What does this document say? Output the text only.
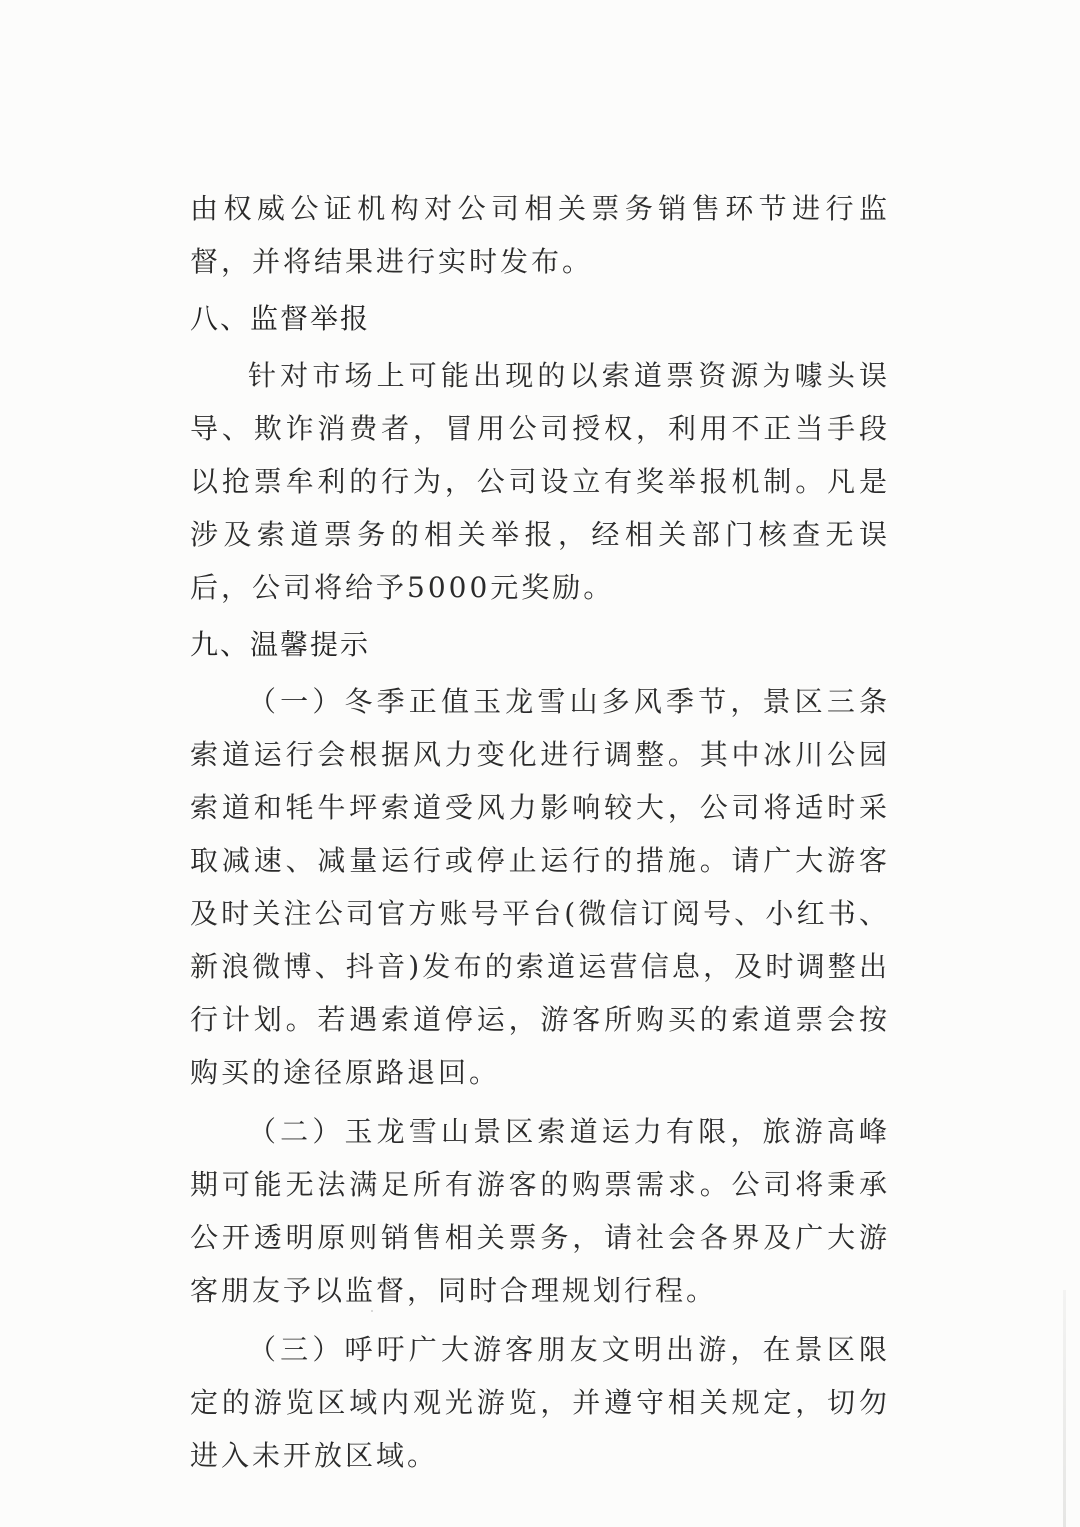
由权威公证机构对公司相关票务销售环节进行监督，并将结果进行实时发布。

八、监督举报

针对市场上可能出现的以索道票资源为噱头误导、欺诈消费者，冒用公司授权，利用不正当手段以抢票牟利的行为，公司设立有奖举报机制。凡是涉及索道票务的相关举报，经相关部门核查无误后，公司将给予5000元奖励。

九、温馨提示

（一）冬季正值玉龙雪山多风季节，景区三条索道运行会根据风力变化进行调整。其中冰川公园索道和牦牛坪索道受风力影响较大，公司将适时采取减速、减量运行或停止运行的措施。请广大游客及时关注公司官方账号平台(微信订阅号、小红书、新浪微博、抖音)发布的索道运营信息，及时调整出行计划。若遇索道停运，游客所购买的索道票会按购买的途径原路退回。

（二）玉龙雪山景区索道运力有限，旅游高峰期可能无法满足所有游客的购票需求。公司将秉承公开透明原则销售相关票务，请社会各界及广大游客朋友予以监督，同时合理规划行程。

（三）呼吁广大游客朋友文明出游，在景区限定的游览区域内观光游览，并遵守相关规定，切勿进入未开放区域。
